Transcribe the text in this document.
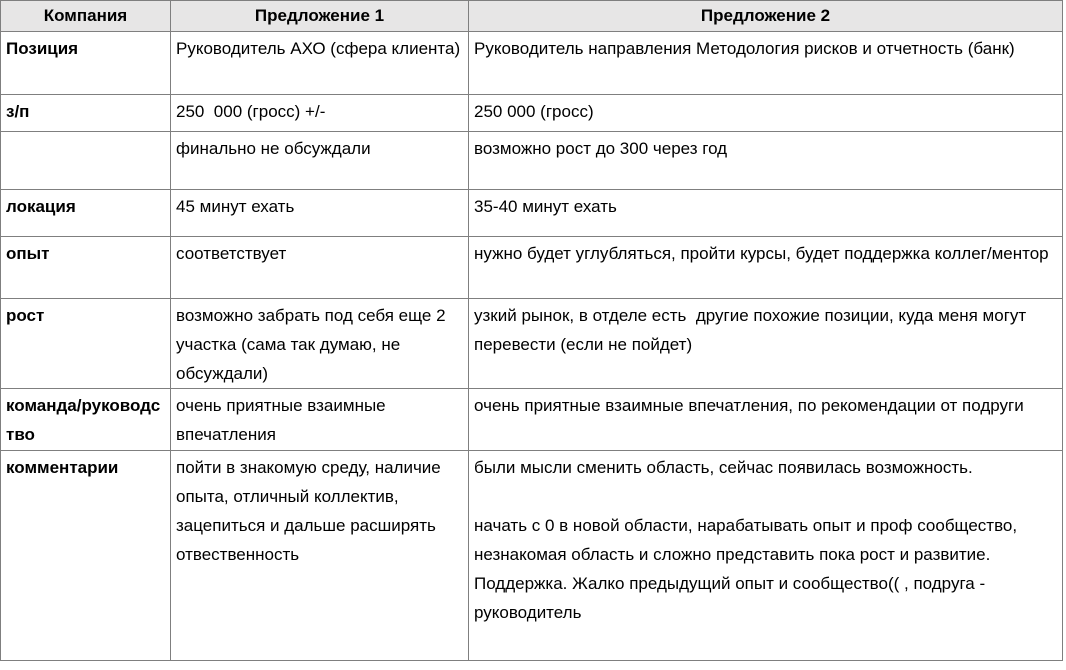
Компания	Предложение 1	Предложение 2
Позиция	Руководитель АХО (сфера клиента)	Руководитель направления Методология рисков и отчетность (банк)
з/п	250  000 (гросс) +/-	250 000 (гросс)
	финально не обсуждали	возможно рост до 300 через год
локация	45 минут ехать	35-40 минут ехать
опыт	соответствует	нужно будет углубляться, пройти курсы, будет поддержка коллег/ментор
рост	возможно забрать под себя еще 2 участка (сама так думаю, не обсуждали)	узкий рынок, в отделе есть  другие похожие позиции, куда меня могут перевести (если не пойдет)
команда/руководство	очень приятные взаимные впечатления	очень приятные взаимные впечатления, по рекомендации от подруги
комментарии	пойти в знакомую среду, наличие опыта, отличный коллектив, зацепиться и дальше расширять отвественность	были мысли сменить область, сейчас появилась возможность.

начать с 0 в новой области, нарабатывать опыт и проф сообщество, незнакомая область и сложно представить пока рост и развитие. Поддержка. Жалко предыдущий опыт и сообщество(( , подруга - руководитель
